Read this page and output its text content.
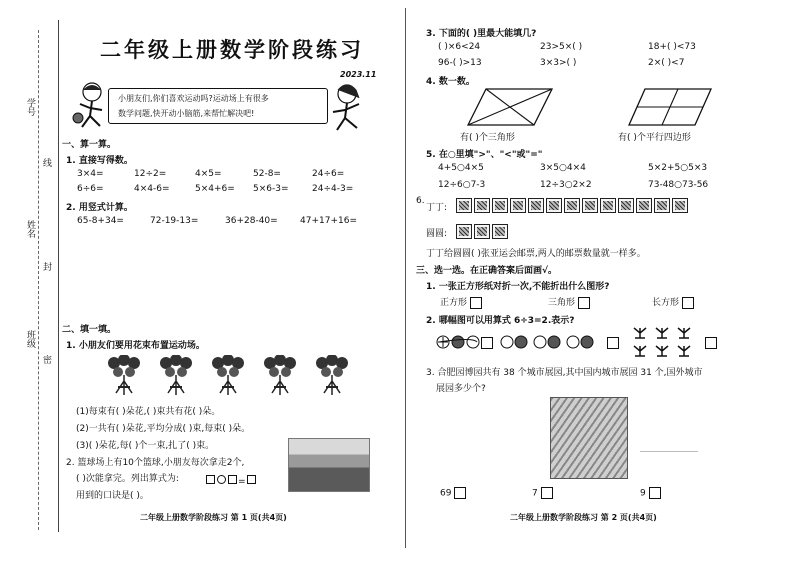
学号
线
姓名
封
班级
密
二年级上册数学阶段练习
2023.11
小朋友们,你们喜欢运动吗?运动场上有很多
数学问题,快开动小脑筋,来帮忙解决吧!
一、算一算。
1. 直接写得数。
3×4=	12÷2=	4×5=	52-8=	24÷6=
6÷6=	4×4-6=	5×4+6= 5×6-3=	24÷4-3=
2. 用竖式计算。
65-8+34=	72-19-13=	36+28-40= 47+17+16=
二、填一填。
1. 小朋友们要用花束布置运动场。
(1)每束有( )朵花,( )束共有花( )朵。
(2)一共有( )朵花,平均分成( )束,每束( )朵。
(3)( )朵花,每( )个一束,扎了( )束。
2. 篮球场上有10个篮球,小朋友每次拿走2个,
( )次能拿完。列出算式为:	=
用到的口诀是( )。
二年级上册数学阶段练习 第 1 页(共4页)
3. 下面的( )里最大能填几?
( )×6<24	23>5×( )	18+( )<73
96-( )>13	3×3>( )	2×( )<7
4. 数一数。
有( )个三角形	有( )个平行四边形
5. 在○里填">"、"<"或"="
4+5○4×5	3×5○4×4	5×2+5○5×3
12÷6○7-3	12÷3○2×2	73-48○73-56
6.
丁丁:
圆圆:
丁丁给圆圆( )张亚运会邮票,两人的邮票数量就一样多。
三、选一选。在正确答案后面画√。
1. 一张正方形纸对折一次,不能折出什么图形?
正方形	三角形	长方形
2. 哪幅图可以用算式 6÷3=2.表示?
3. 合肥园博园共有 38 个城市展园,其中国内城市展园 31 个,国外城市
展园多少个?
69	7	9
二年级上册数学阶段练习 第 2 页(共4页)
